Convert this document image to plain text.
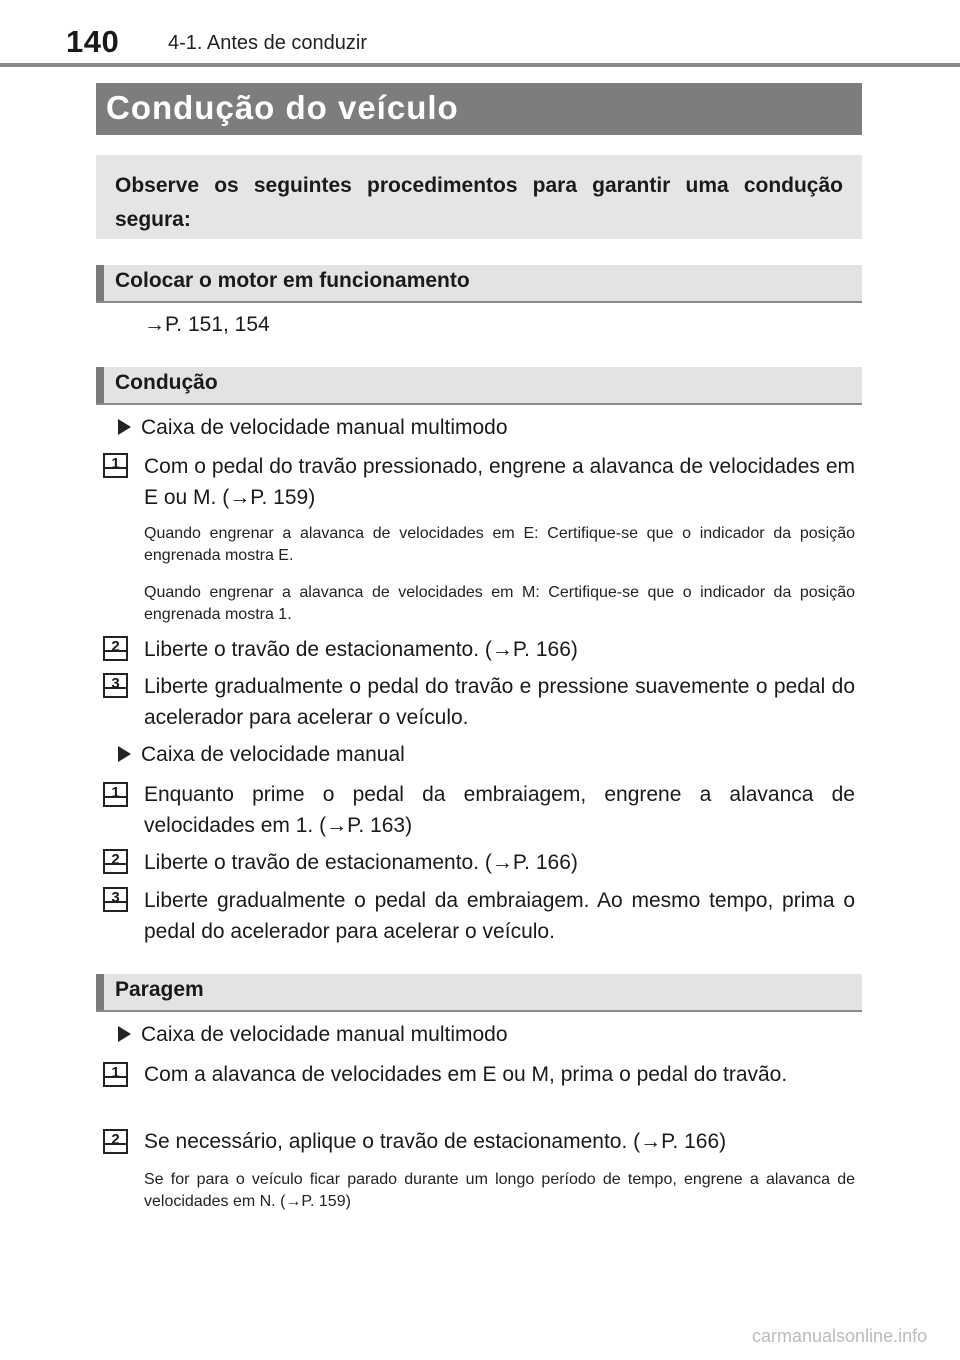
140 4-1. Antes de conduzir
Condução do veículo
Observe os seguintes procedimentos para garantir uma condução segura:
Colocar o motor em funcionamento
→P. 151, 154
Condução
Caixa de velocidade manual multimodo
1	Com o pedal do travão pressionado, engrene a alavanca de velocidades em E ou M. (→P. 159)
Quando engrenar a alavanca de velocidades em E: Certifique-se que o indicador da posição engrenada mostra E.
Quando engrenar a alavanca de velocidades em M: Certifique-se que o indicador da posição engrenada mostra 1.
2	Liberte o travão de estacionamento. (→P. 166)
3	Liberte gradualmente o pedal do travão e pressione suavemente o pedal do acelerador para acelerar o veículo.
Caixa de velocidade manual
1	Enquanto prime o pedal da embraiagem, engrene a alavanca de velocidades em 1. (→P. 163)
2	Liberte o travão de estacionamento. (→P. 166)
3	Liberte gradualmente o pedal da embraiagem. Ao mesmo tempo, prima o pedal do acelerador para acelerar o veículo.
Paragem
Caixa de velocidade manual multimodo
1	Com a alavanca de velocidades em E ou M, prima o pedal do travão.
2	Se necessário, aplique o travão de estacionamento. (→P. 166)
Se for para o veículo ficar parado durante um longo período de tempo, engrene a alavanca de velocidades em N. (→P. 159)
carmanualsonline.info
